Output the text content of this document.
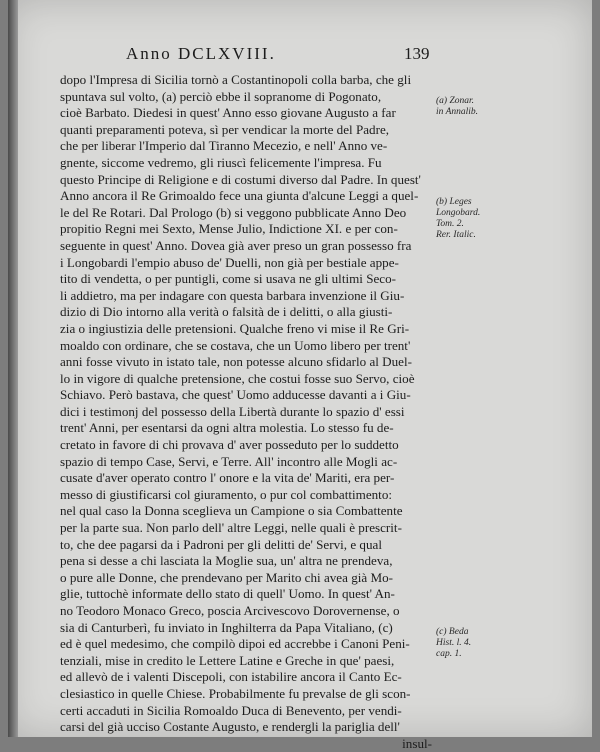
Anno DCLXVIII.	139
dopo l'Impresa di Sicilia tornò a Costantinopoli colla barba, che gli
spuntava sul volto, (a) perciò ebbe il sopranome di Pogonato,
cioè Barbato. Diedesi in quest' Anno esso giovane Augusto a far
quanti preparamenti poteva, sì per vendicar la morte del Padre,
che per liberar l'Imperio dal Tiranno Mecezio, e nell' Anno ve-
gnente, siccome vedremo, gli riuscì felicemente l'impresa. Fu
questo Principe di Religione e di costumi diverso dal Padre. In quest'
Anno ancora il Re Grimoaldo fece una giunta d'alcune Leggi a quel-
le del Re Rotari. Dal Prologo (b) si veggono pubblicate Anno Deo
propitio Regni mei Sexto, Mense Julio, Indictione XI. e per con-
seguente in quest' Anno. Dovea già aver preso un gran possesso fra
i Longobardi l'empio abuso de' Duelli, non già per bestiale appe-
tito di vendetta, o per puntigli, come si usava ne gli ultimi Seco-
li addietro, ma per indagare con questa barbara invenzione il Giu-
dizio di Dio intorno alla verità o falsità de i delitti, o alla giusti-
zia o ingiustizia delle pretensioni. Qualche freno vi mise il Re Gri-
moaldo con ordinare, che se costava, che un Uomo libero per trent'
anni fosse vivuto in istato tale, non potesse alcuno sfidarlo al Duel-
lo in vigore di qualche pretensione, che costui fosse suo Servo, cioè
Schiavo. Però bastava, che quest' Uomo adducesse davanti a i Giu-
dici i testimonj del possesso della Libertà durante lo spazio d' essi
trent' Anni, per esentarsi da ogni altra molestia. Lo stesso fu de-
cretato in favore di chi provava d' aver posseduto per lo suddetto
spazio di tempo Case, Servi, e Terre. All' incontro alle Mogli ac-
cusate d'aver operato contro l' onore e la vita de' Mariti, era per-
messo di giustificarsi col giuramento, o pur col combattimento:
nel qual caso la Donna sceglieva un Campione o sia Combattente
per la parte sua. Non parlo dell' altre Leggi, nelle quali è prescrit-
to, che dee pagarsi da i Padroni per gli delitti de' Servi, e qual
pena si desse a chi lasciata la Moglie sua, un' altra ne prendeva,
o pure alle Donne, che prendevano per Marito chi avea già Mo-
glie, tuttochè informate dello stato di quell' Uomo. In quest' An-
no Teodoro Monaco Greco, poscia Arcivescovo Dorovernense, o
sia di Canturberì, fu inviato in Inghilterra da Papa Vitaliano, (c)
ed è quel medesimo, che compilò dipoi ed accrebbe i Canoni Peni-
tenziali, mise in credito le Lettere Latine e Greche in que' paesi,
ed allevò de i valenti Discepoli, con istabilire ancora il Canto Ec-
clesiastico in quelle Chiese. Probabilmente fu prevalse de gli scon-
certi accaduti in Sicilia Romoaldo Duca di Benevento, per vendi-
carsi del già ucciso Costante Augusto, e rendergli la pariglia dell'
insul-
(a) Zonar.
in Annalib.
(b) Leges
Longobard.
Tom. 2.
Rer. Italic.
(c) Beda
Hist. l. 4.
cap. 1.
